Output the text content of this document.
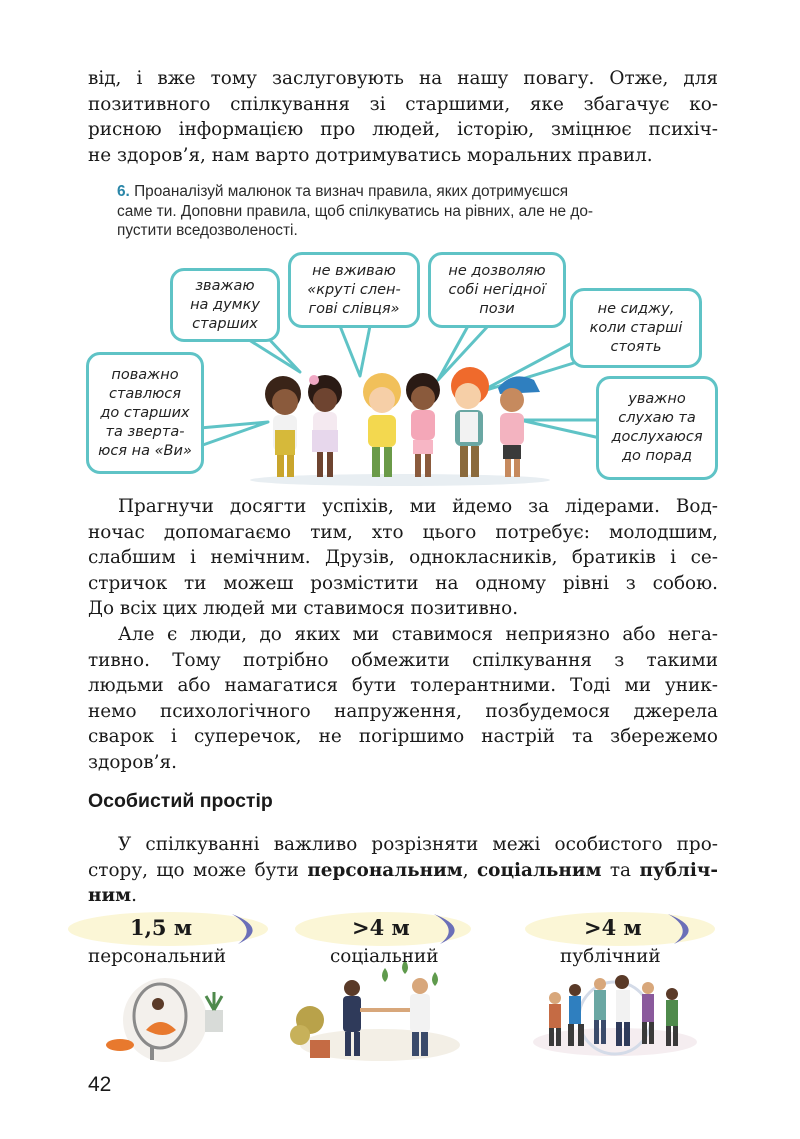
від, і вже тому заслуговують на нашу повагу. Отже, для
позитивного спілкування зі старшими, яке збагачує ко-
рисною інформацією про людей, історію, зміцнює психіч-
не здоров’я, нам варто дотримуватись моральних правил.
6. Проаналізуй малюнок та визнач правила, яких дотримуєшся
саме ти. Доповни правила, щоб спілкуватись на рівних, але не до-
пустити вседозволеності.
зважаю
на думку
старших
не вживаю
«круті слен-
гові слівця»
не дозволяю
собі негідної
пози	не сиджу,
коли старші
стоять
поважно
ставлюся
до старших
та зверта-
юся на «Ви»
уважно
слухаю та
дослухаюся
до порад
Прагнучи досягти успіхів, ми йдемо за лідерами. Вод-
ночас допомагаємо тим, хто цього потребує: молодшим,
слабшим і немічним. Друзів, однокласників, братиків і се-
стричок ти можеш розмістити на одному рівні з собою.
До всіх цих людей ми ставимося позитивно.
Але є люди, до яких ми ставимося неприязно або нега-
тивно. Тому потрібно обмежити спілкування з такими
людьми або намагатися бути толерантними. Тоді ми уник-
немо психологічного напруження, позбудемося джерела
сварок і суперечок, не погіршимо настрій та збережемо
здоров’я.
Особистий простір
У спілкуванні важливо розрізняти межі особистого про-
стору, що може бути персональним, соціальним та публіч-
ним.
1,5 м	>4 м	>4 м
персональний	соціальний	публічний
42
